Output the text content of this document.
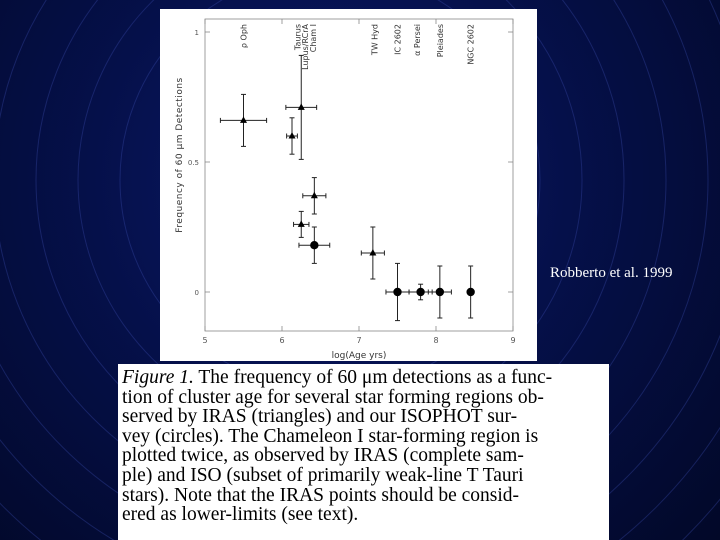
5	6	7	8	9
0
0.5
1
log(Age yrs)
Frequency of 60 μm Detections
ρ Oph	Taurus
Lupus/RCrA
Cham I	TW Hyd IC 2602 α Persei Pleiades	NGC 2602
Robberto et al. 1999
Figure 1. The frequency of 60 μm detections as a func-
tion of cluster age for several star forming regions ob-
served by IRAS (triangles) and our ISOPHOT sur-
vey (circles). The Chameleon I star-forming region is
plotted twice, as observed by IRAS (complete sam-
ple) and ISO (subset of primarily weak-line T Tauri
stars). Note that the IRAS points should be consid-
ered as lower-limits (see text).
